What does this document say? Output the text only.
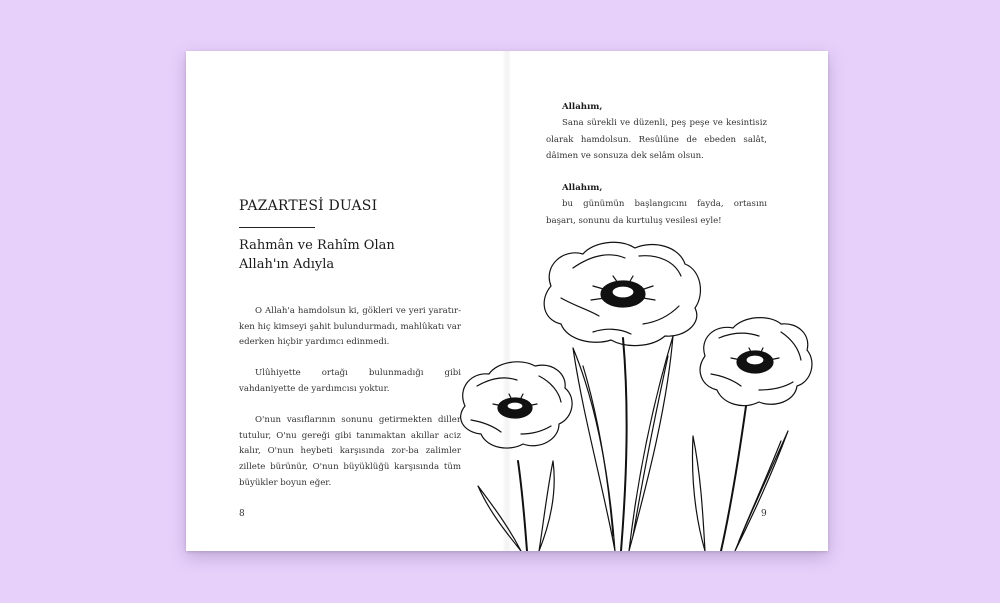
PAZARTESİ DUASI
Rahmân ve Rahîm Olan
Allah'ın Adıyla

O Allah'a hamdolsun ki, gökleri ve yeri yaratır-ken hiç kimseyi şahit bulundurmadı, mahlûkatı var ederken hiçbir yardımcı edinmedi.

Ulûhiyette ortağı bulunmadığı gibi vahdaniyette de yardımcısı yoktur.

O'nun vasıflarının sonunu getirmekten diller tutulur, O'nu gereği gibi tanımaktan akıllar aciz kalır, O'nun heybeti karşısında zor-ba zalimler zillete bürünür, O'nun büyüklüğü karşısında tüm büyükler boyun eğer.

8
Allahım,

Sana sürekli ve düzenli, peş peşe ve kesintisiz olarak hamdolsun. Resûlüne de ebeden salât, dâimen ve sonsuza dek selâm olsun.

Allahım,

bu günümün başlangıcını fayda, ortasını başarı, sonunu da kurtuluş vesilesi eyle!

9
